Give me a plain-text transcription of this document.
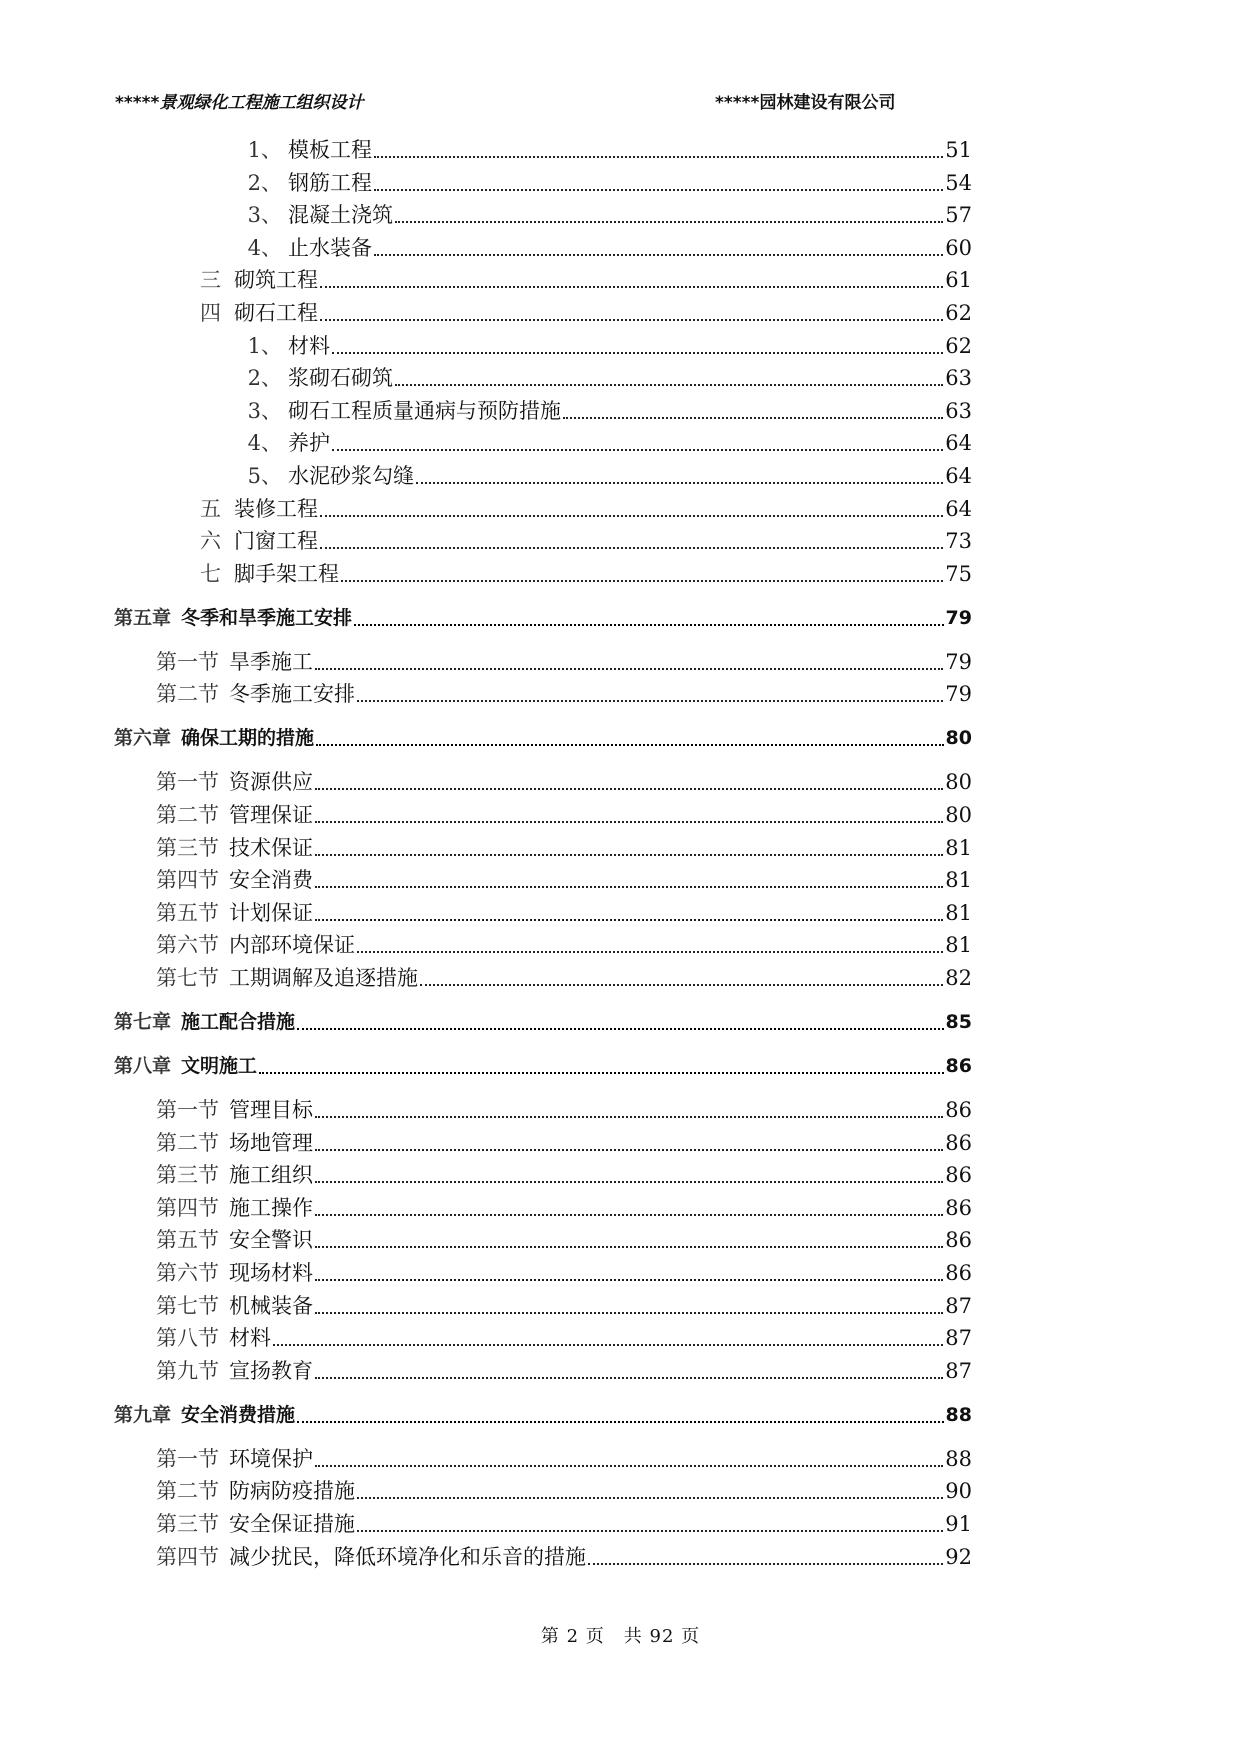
*****景观绿化工程施工组织设计	*****园林建设有限公司
1、 模板工程	51
2、 钢筋工程	54
3、 混凝土浇筑	57
4、 止水装备	60
三 砌筑工程	61
四 砌石工程	62
1、 材料	62
2、 浆砌石砌筑	63
3、 砌石工程质量通病与预防措施	63
4、 养护	64
5、 水泥砂浆勾缝	64
五 装修工程	64
六 门窗工程	73
七 脚手架工程	75
第五章 冬季和旱季施工安排	79
第一节 旱季施工	79
第二节 冬季施工安排	79
第六章 确保工期的措施	80
第一节 资源供应	80
第二节 管理保证	80
第三节 技术保证	81
第四节 安全消费	81
第五节 计划保证	81
第六节 内部环境保证	81
第七节 工期调解及追逐措施	82
第七章 施工配合措施	85
第八章 文明施工	86
第一节 管理目标	86
第二节 场地管理	86
第三节 施工组织	86
第四节 施工操作	86
第五节 安全警识	86
第六节 现场材料	86
第七节 机械装备	87
第八节 材料	87
第九节 宣扬教育	87
第九章 安全消费措施	88
第一节 环境保护	88
第二节 防病防疫措施	90
第三节 安全保证措施	91
第四节 减少扰民，降低环境净化和乐音的措施	92
第 2 页　共 92 页
